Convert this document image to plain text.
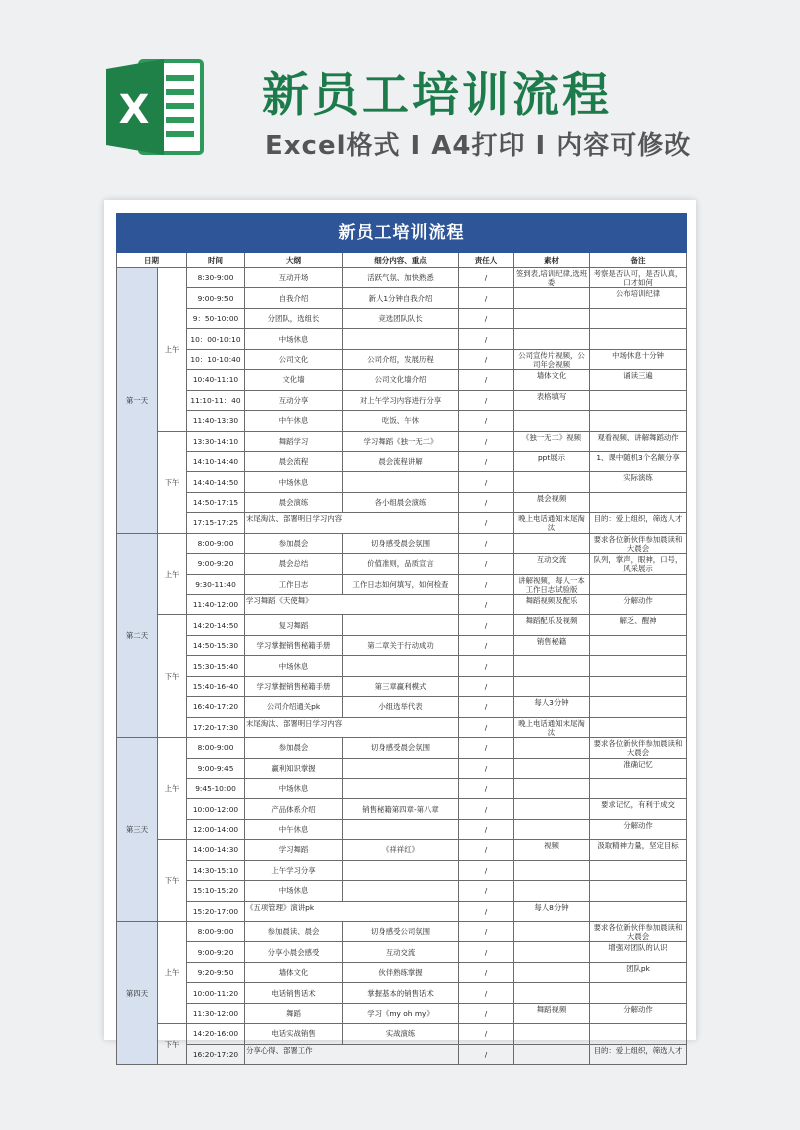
X 新员工培训流程
Excel格式 I A4打印 I 内容可修改
新员工培训流程							
日期		时间	大纲	细分内容、重点	责任人	素材	备注
第一天	上午	8:30-9:00	互动开场	活跃气氛、加快熟悉	/	签到表,培训纪律,选班委	考察是否认可，是否认真，口才如何
		9:00-9:50	自我介绍	新人1分钟自我介绍	/		公布培训纪律
		9：50-10:00	分团队，选组长	竞选团队队长	/		
		10：00-10:10	中场休息		/		
		10：10-10:40	公司文化	公司介绍，发展历程	/	公司宣传片视频，公司年会视频	中场休息十分钟
		10:40-11:10	文化墙	公司文化墙介绍	/	墙体文化	诵读三遍
		11:10-11：40	互动分享	对上午学习内容进行分享	/	表格填写	
		11:40-13:30	中午休息	吃饭、午休	/		
	下午	13:30-14:10	舞蹈学习	学习舞蹈《独一无二》	/	《独一无二》视频	观看视频、讲解舞蹈动作
		14:10-14:40	晨会流程	晨会流程讲解	/	ppt展示	1、课中随机3个名额分享
		14:40-14:50	中场休息		/		实际演练
		14:50-17:15	晨会演练	各小组晨会演练	/	晨会视频	
		17:15-17:25	末尾淘汰、部署明日学习内容		/	晚上电话通知末尾淘汰	目的：爱上组织，筛选人才
第二天	上午	8:00-9:00	参加晨会	切身感受晨会氛围	/		要求各位新伙伴参加晨读和大晨会
		9:00-9:20	晨会总结	价值准则，品质宣言	/	互动交流	队列，掌声，眼神，口号，风采展示
		9:30-11:40	工作日志	工作日志如何填写，如何检查	/	讲解视频，每人一本工作日志试验版	
		11:40-12:00	学习舞蹈《天使舞》		/	舞蹈视频及配乐	分解动作
	下午	14:20-14:50	复习舞蹈		/	舞蹈配乐及视频	解乏、醒神
		14:50-15:30	学习掌握销售秘籍手册	第二章关于行动成功	/	销售秘籍	
		15:30-15:40	中场休息		/		
		15:40-16-40	学习掌握销售秘籍手册	第三章赢利模式	/		
		16:40-17:20	公司介绍通关pk	小组选举代表	/	每人3分钟	
		17:20-17:30	末尾淘汰、部署明日学习内容		/	晚上电话通知末尾淘汰	
第三天	上午	8:00-9:00	参加晨会	切身感受晨会氛围	/		要求各位新伙伴参加晨读和大晨会
		9:00-9:45	赢利知识掌握		/		准确记忆
		9:45-10:00	中场休息		/		
		10:00-12:00	产品体系介绍	销售秘籍第四章-第八章	/		要求记忆，有利于成交
		12:00-14:00	中午休息		/		分解动作
	下午	14:00-14:30	学习舞蹈	《祥祥红》	/	视频	汲取精神力量，坚定目标
		14:30-15:10	上午学习分享		/		
		15:10-15:20	中场休息		/		
		15:20-17:00	《五项管理》演讲pk		/	每人8分钟	
第四天	上午	8:00-9:00	参加晨读、晨会	切身感受公司氛围	/		要求各位新伙伴参加晨读和大晨会
		9:00-9:20	分享小晨会感受	互动交流	/		增强对团队的认识
		9:20-9:50	墙体文化	伙伴熟练掌握	/		团队pk
		10:00-11:20	电话销售话术	掌握基本的销售话术	/		
		11:30-12:00	舞蹈	学习《my oh my》	/	舞蹈视频	分解动作
	下午	14:20-16:00	电话实战销售	实战演练	/		
		16:20-17:20	分享心得、部署工作		/		目的：爱上组织，筛选人才
